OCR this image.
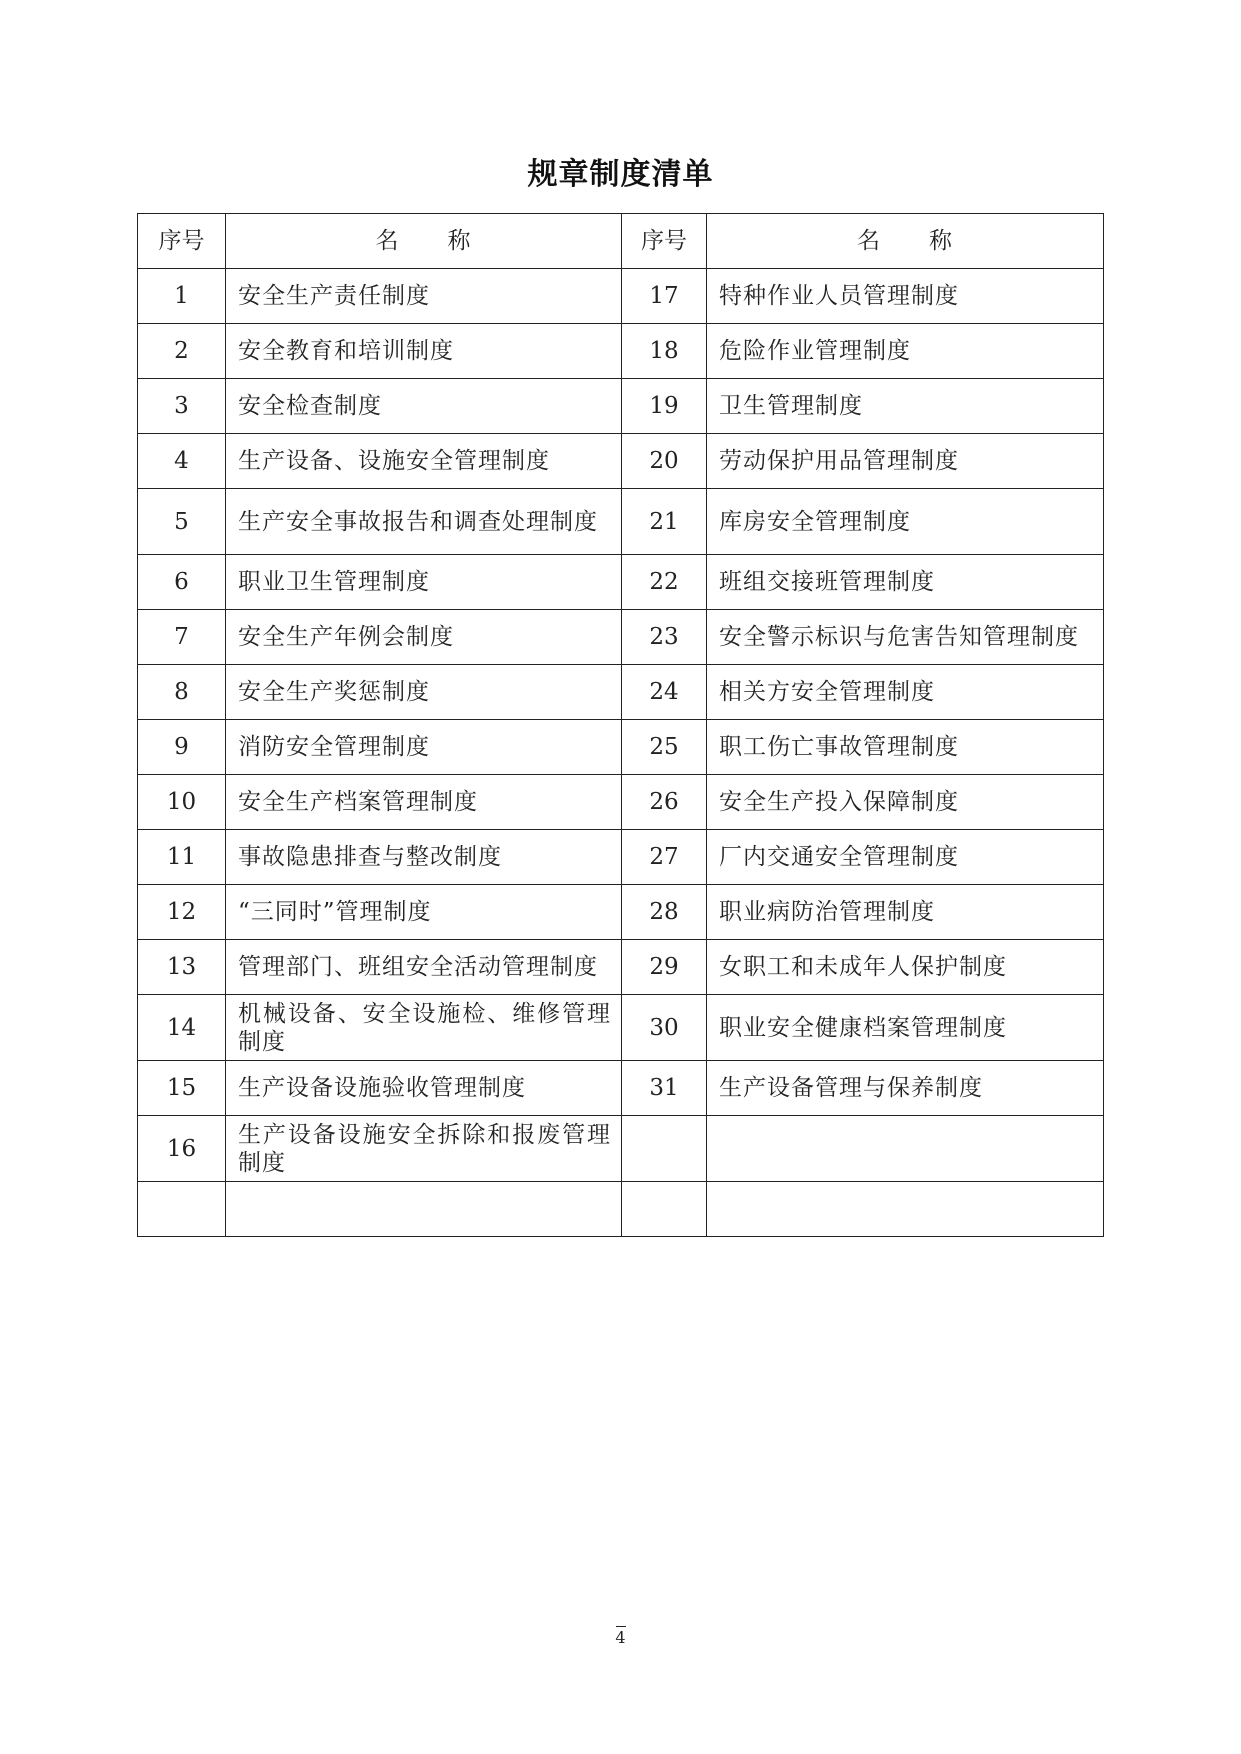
规章制度清单
序号	名　　称	序号	名　　称
1	安全生产责任制度	17	特种作业人员管理制度
2	安全教育和培训制度	18	危险作业管理制度
3	安全检查制度	19	卫生管理制度
4	生产设备、设施安全管理制度	20	劳动保护用品管理制度
5	生产安全事故报告和调查处理制度	21	库房安全管理制度
6	职业卫生管理制度	22	班组交接班管理制度
7	安全生产年例会制度	23	安全警示标识与危害告知管理制度
8	安全生产奖惩制度	24	相关方安全管理制度
9	消防安全管理制度	25	职工伤亡事故管理制度
10	安全生产档案管理制度	26	安全生产投入保障制度
11	事故隐患排查与整改制度	27	厂内交通安全管理制度
12	“三同时”管理制度	28	职业病防治管理制度
13	管理部门、班组安全活动管理制度	29	女职工和未成年人保护制度
14	机械设备、安全设施检、维修管理制度	30	职业安全健康档案管理制度
15	生产设备设施验收管理制度	31	生产设备管理与保养制度
16	生产设备设施安全拆除和报废管理制度		

4
